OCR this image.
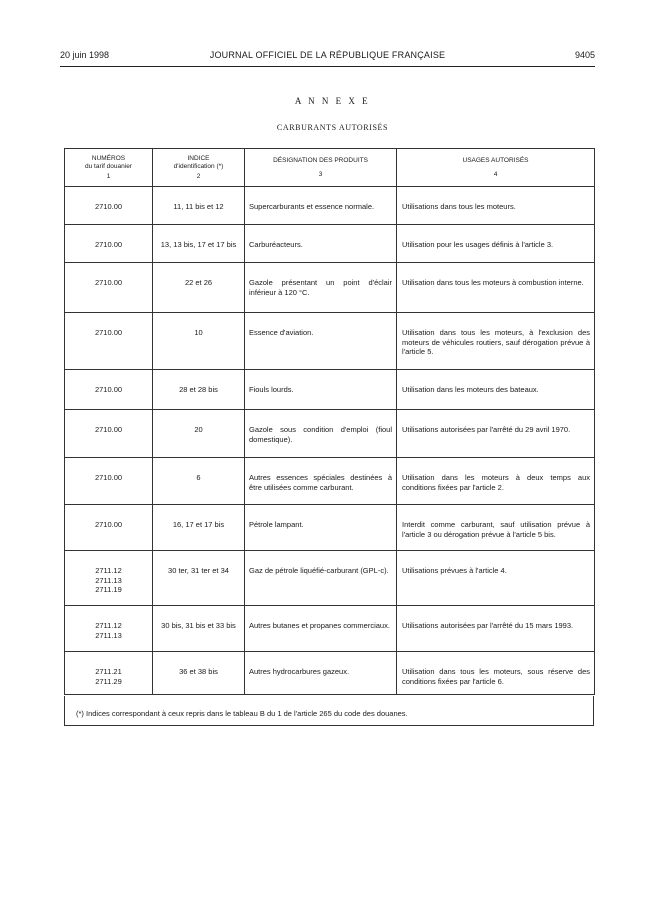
20 juin 1998	JOURNAL OFFICIEL DE LA RÉPUBLIQUE FRANÇAISE	9405
A N N E X E
CARBURANTS AUTORISÉS
NUMÉROS
du tarif douanier
1	INDICE
d'identification (*)
2	DÉSIGNATION DES PRODUITS
3	USAGES AUTORISÉS
4

2710.00	11, 11 bis et 12	Supercarburants et essence normale.	Utilisations dans tous les moteurs.

2710.00	13, 13 bis, 17 et 17 bis	Carburéacteurs.	Utilisation pour les usages définis à l'article 3.

2710.00	22 et 26	Gazole présentant un point d'éclair inférieur à 120 °C.	Utilisation dans tous les moteurs à combustion interne.

2710.00	10	Essence d'aviation.	Utilisation dans tous les moteurs, à l'exclusion des moteurs de véhicules routiers, sauf dérogation prévue à l'article 5.

2710.00	28 et 28 bis	Fiouls lourds.	Utilisation dans les moteurs des bateaux.

2710.00	20	Gazole sous condition d'emploi (fioul domestique).	Utilisations autorisées par l'arrêté du 29 avril 1970.

2710.00	6	Autres essences spéciales destinées à être utilisées comme carburant.	Utilisation dans les moteurs à deux temps aux conditions fixées par l'article 2.

2710.00	16, 17 et 17 bis	Pétrole lampant.	Interdit comme carburant, sauf utilisation prévue à l'article 3 ou dérogation prévue à l'article 5 bis.

2711.12
2711.13
2711.19	30 ter, 31 ter et 34	Gaz de pétrole liquéfié-carburant (GPL-c).	Utilisations prévues à l'article 4.

2711.12
2711.13	30 bis, 31 bis et 33 bis	Autres butanes et propanes commerciaux.	Utilisations autorisées par l'arrêté du 15 mars 1993.

2711.21
2711.29	36 et 38 bis	Autres hydrocarbures gazeux.	Utilisation dans tous les moteurs, sous réserve des conditions fixées par l'article 6.
(*) Indices correspondant à ceux repris dans le tableau B du 1 de l'article 265 du code des douanes.
